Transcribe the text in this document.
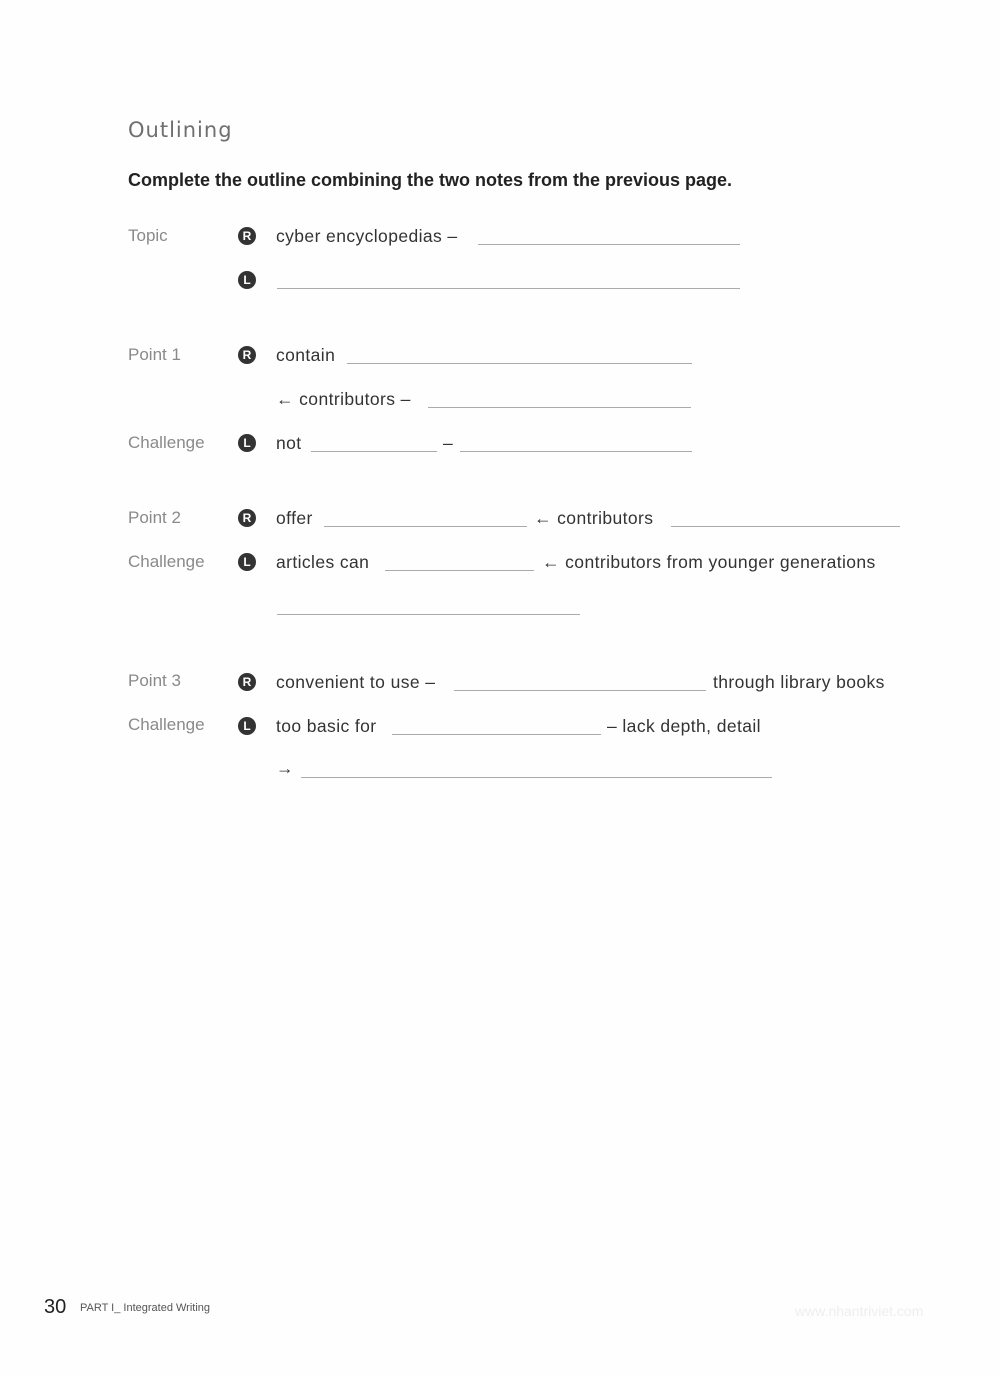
Outlining
Complete the outline combining the two notes from the previous page.
Topic	R cyber encyclopedias –
L
Point 1	R contain
← contributors –
Challenge	L	not	–
Point 2	R offer	← contributors
Challenge	L	articles can	← contributors from younger generations
Point 3	R convenient to use –	through library books
Challenge	L	too basic for	– lack depth, detail
→
30 PART I_ Integrated Writing	www.nhantriviet.com
